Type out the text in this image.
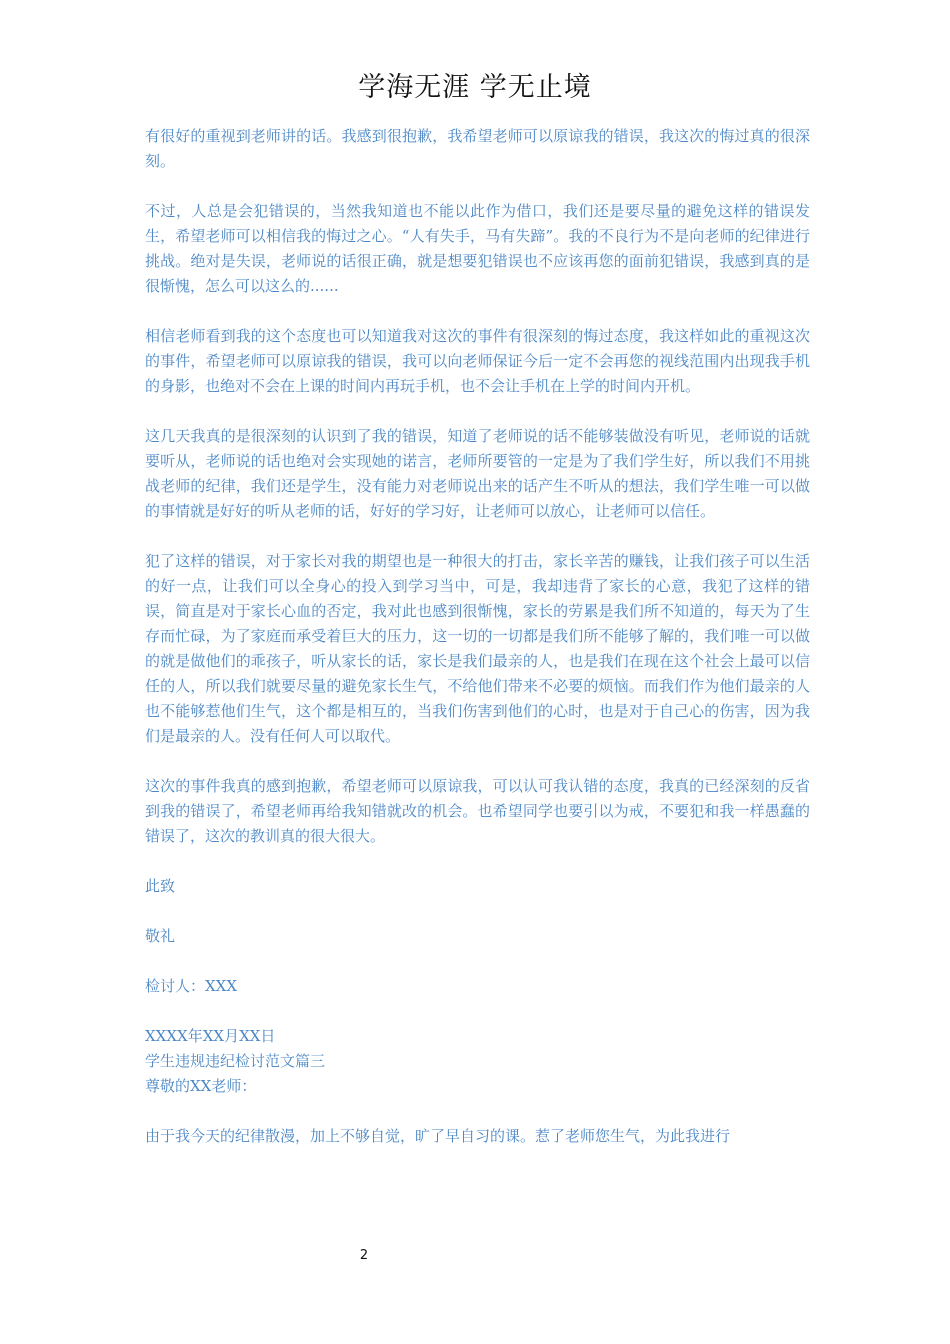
学海无涯 学无止境

有很好的重视到老师讲的话。我感到很抱歉，我希望老师可以原谅我的错误，我这次的悔过真的很深刻。

不过，人总是会犯错误的，当然我知道也不能以此作为借口，我们还是要尽量的避免这样的错误发生，希望老师可以相信我的悔过之心。“人有失手，马有失蹄”。我的不良行为不是向老师的纪律进行挑战。绝对是失误，老师说的话很正确，就是想要犯错误也不应该再您的面前犯错误，我感到真的是很惭愧，怎么可以这么的......

相信老师看到我的这个态度也可以知道我对这次的事件有很深刻的悔过态度，我这样如此的重视这次的事件，希望老师可以原谅我的错误，我可以向老师保证今后一定不会再您的视线范围内出现我手机的身影，也绝对不会在上课的时间内再玩手机，也不会让手机在上学的时间内开机。

这几天我真的是很深刻的认识到了我的错误，知道了老师说的话不能够装做没有听见，老师说的话就要听从，老师说的话也绝对会实现她的诺言，老师所要管的一定是为了我们学生好，所以我们不用挑战老师的纪律，我们还是学生，没有能力对老师说出来的话产生不听从的想法，我们学生唯一可以做的事情就是好好的听从老师的话，好好的学习好，让老师可以放心，让老师可以信任。

犯了这样的错误，对于家长对我的期望也是一种很大的打击，家长辛苦的赚钱，让我们孩子可以生活的好一点，让我们可以全身心的投入到学习当中，可是，我却违背了家长的心意，我犯了这样的错误，简直是对于家长心血的否定，我对此也感到很惭愧，家长的劳累是我们所不知道的，每天为了生存而忙碌，为了家庭而承受着巨大的压力，这一切的一切都是我们所不能够了解的，我们唯一可以做的就是做他们的乖孩子，听从家长的话，家长是我们最亲的人，也是我们在现在这个社会上最可以信任的人，所以我们就要尽量的避免家长生气，不给他们带来不必要的烦恼。而我们作为他们最亲的人也不能够惹他们生气，这个都是相互的，当我们伤害到他们的心时，也是对于自己心的伤害，因为我们是最亲的人。没有任何人可以取代。

这次的事件我真的感到抱歉，希望老师可以原谅我，可以认可我认错的态度，我真的已经深刻的反省到我的错误了，希望老师再给我知错就改的机会。也希望同学也要引以为戒，不要犯和我一样愚蠢的错误了，这次的教训真的很大很大。

此致

敬礼

检讨人：XXX

XXXX年XX月XX日

学生违规违纪检讨范文篇三

尊敬的XX老师：

由于我今天的纪律散漫，加上不够自觉，旷了早自习的课。惹了老师您生气，为此我进行

2
